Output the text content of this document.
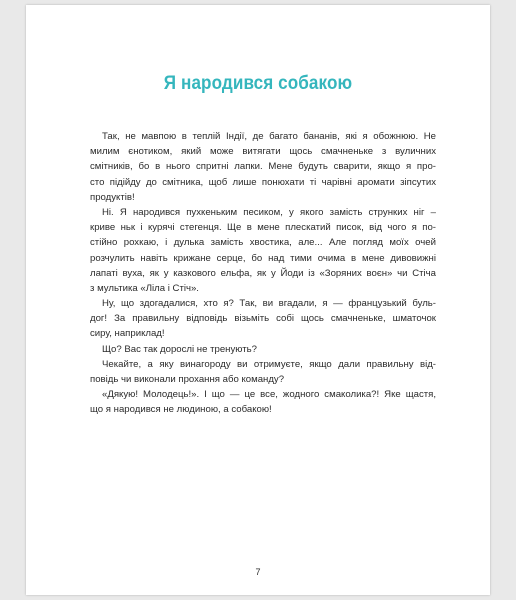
Я народився собакою
Так, не мавпою в теплій Індії, де багато бананів, які я обожнюю. Не
милим єнотиком, який може витягати щось смачненьке з вуличних
смітників, бо в нього спритні лапки. Мене будуть сварити, якщо я про-
сто підійду до смітника, щоб лише понюхати ті чарівні аромати зіпсутих
продуктів!
Ні. Я народився пухкеньким песиком, у якого замість струнких ніг –
криве ньк і курячі стегенця. Ще в мене плескатий писок, від чого я по-
стійно рохкаю, і дулька замість хвостика, але... Але погляд моїх очей
розчулить навіть крижане серце, бо над тими очима в мене дивовижні
лапаті вуха, як у казкового ельфа, як у Йоди із «Зоряних воєн» чи Стіча
з мультика «Ліла і Стіч».
Ну, що здогадалися, хто я? Так, ви вгадали, я — французький буль-
дог! За правильну відповідь візьміть собі щось смачненьке, шматочок
сиру, наприклад!
Що? Вас так дорослі не тренують?
Чекайте, а яку винагороду ви отримуєте, якщо дали правильну від-
повідь чи виконали прохання або команду?
«Дякую! Молодець!». І що — це все, жодного смаколика?! Яке щастя,
що я народився не людиною, а собакою!
7
